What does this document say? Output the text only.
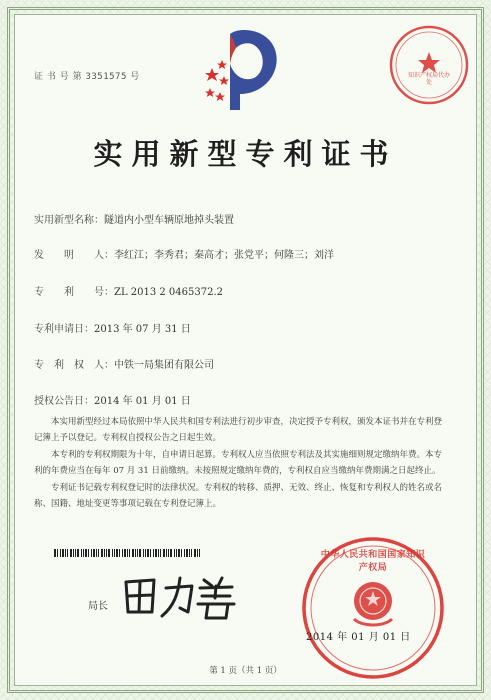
证 书 号 第 3351575 号	知识产权局代办处
实用新型专利证书
实用新型名称：隧道内小型车辆原地掉头装置
发　　明　　人：李红江；李秀君；秦高才；张党平；何隆三；刘洋
专　　利　　号：ZL 2013 2 0465372.2
专利申请日：2013 年 07 月 31 日
专　利　权　人：中铁一局集团有限公司
授权公告日：2014 年 01 月 01 日

本实用新型经过本局依照中华人民共和国专利法进行初步审查，决定授予专利权，颁发本证书并在专利登记簿上予以登记。专利权自授权公告之日起生效。

本专利的专利权期限为十年，自申请日起算。专利权人应当依照专利法及其实施细则规定缴纳年费。本专利的年费应当在每年 07 月 31 日前缴纳。未按照规定缴纳年费的，专利权自应当缴纳年费期满之日起终止。

专利证书记载专利权登记时的法律状况。专利权的转移、质押、无效、终止、恢复和专利权人的姓名或名称、国籍、地址变更等事项记载在专利登记簿上。

局长
中华人民共和国国家知识产权局
2014 年 01 月 01 日
第 1 页（共 1 页）
